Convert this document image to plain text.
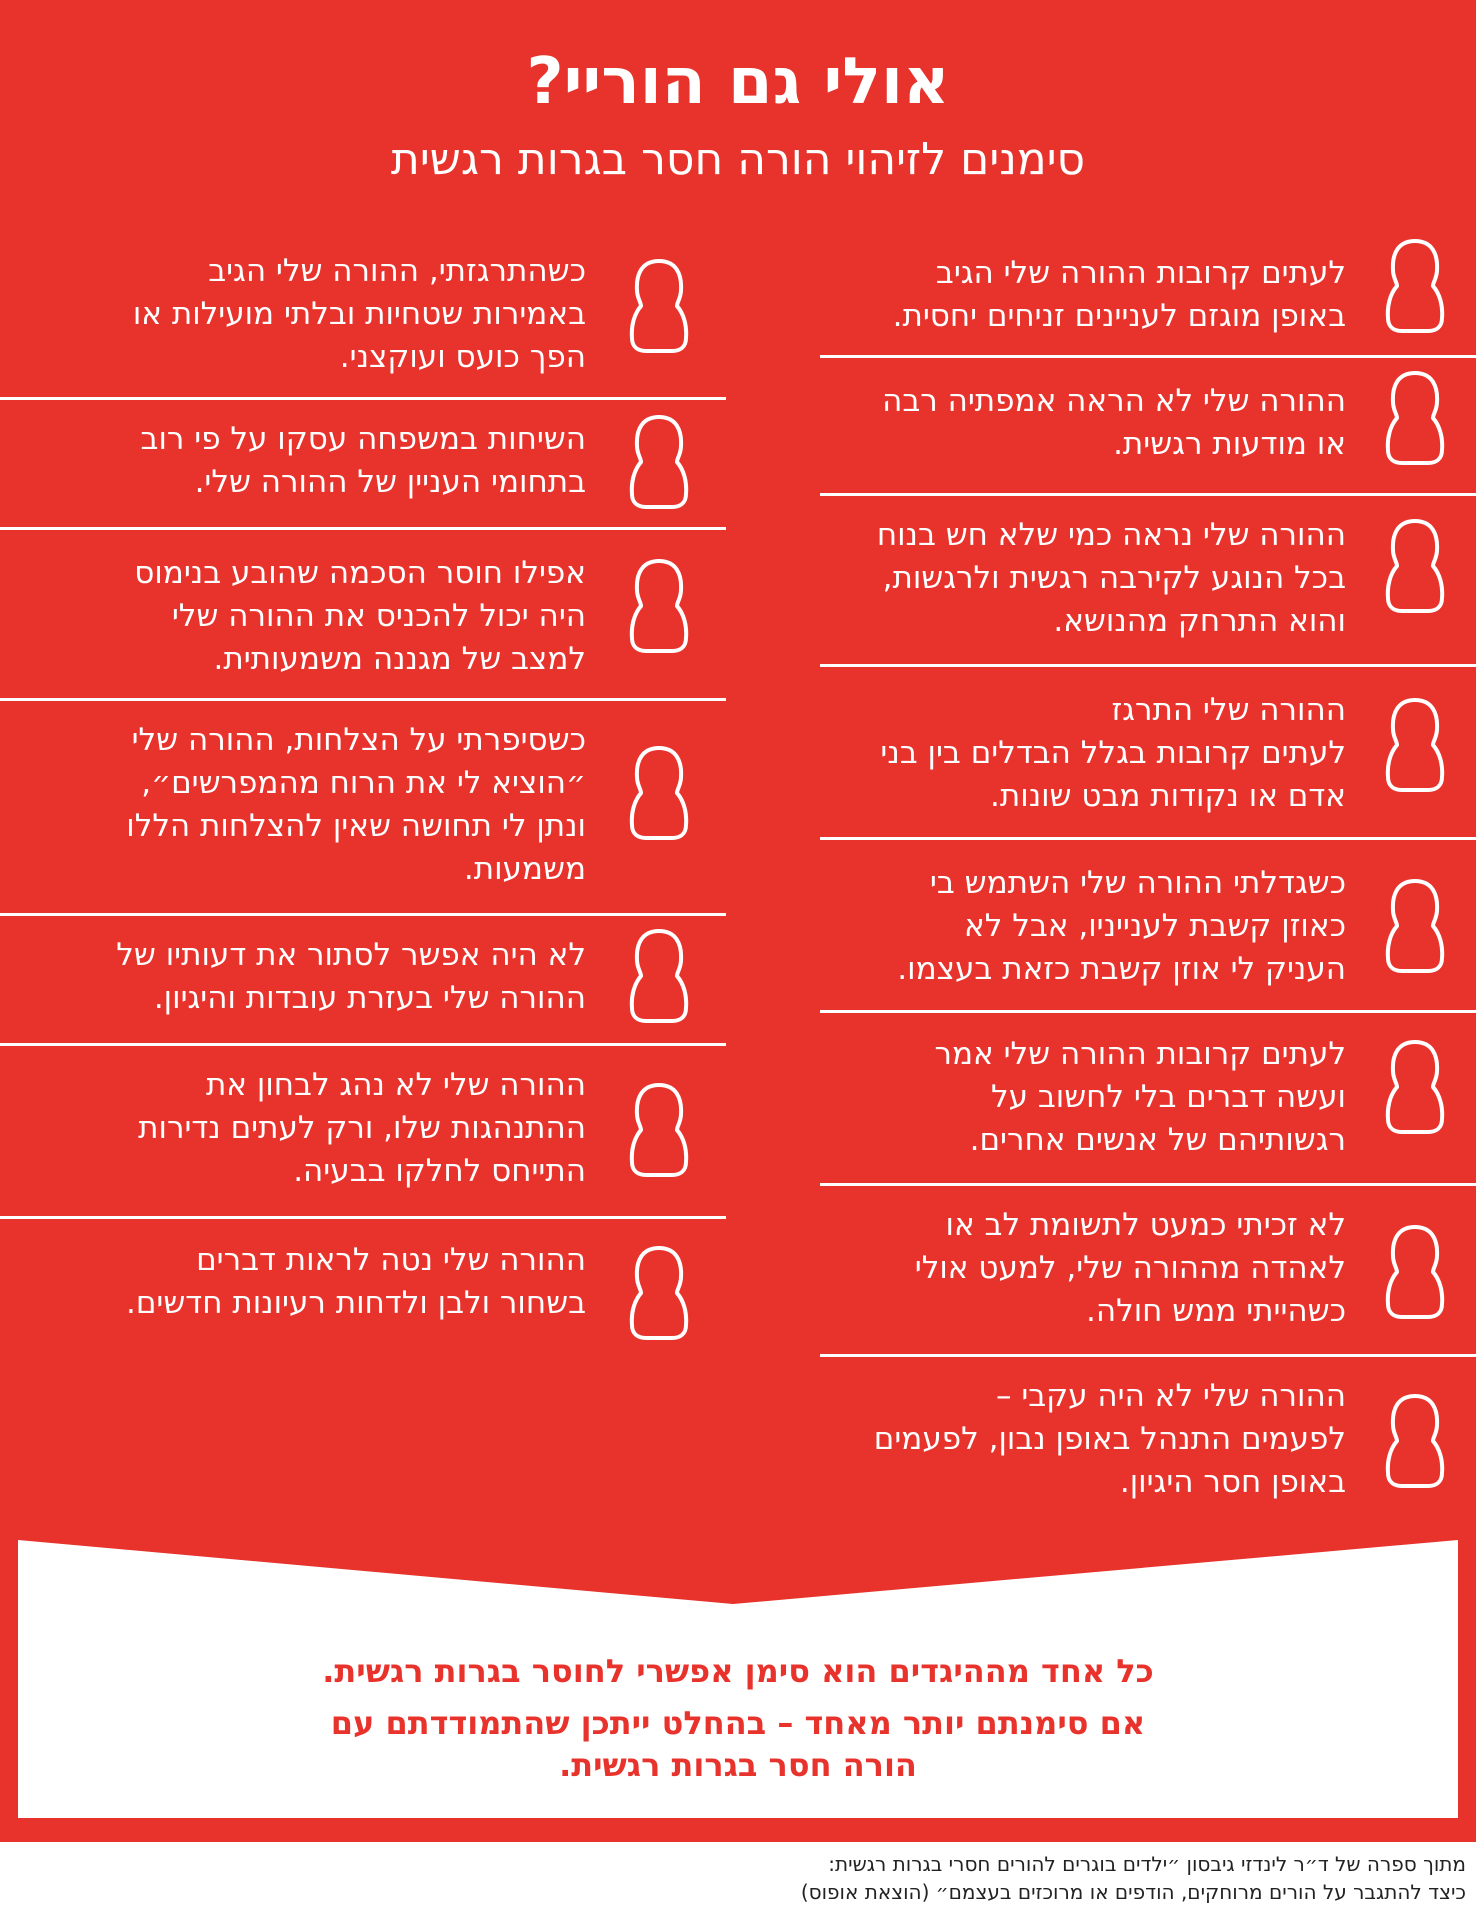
אולי גם הוריי?
סימנים לזיהוי הורה חסר בגרות רגשית
לעתים קרובות ההורה שלי הגיב
באופן מוגזם לעניינים זניחים יחסית.
ההורה שלי לא הראה אמפתיה רבה
או מודעות רגשית.
ההורה שלי נראה כמי שלא חש בנוח
בכל הנוגע לקירבה רגשית ולרגשות,
והוא התרחק מהנושא.
ההורה שלי התרגז
לעתים קרובות בגלל הבדלים בין בני
אדם או נקודות מבט שונות.
כשגדלתי ההורה שלי השתמש בי
כאוזן קשבת לענייניו, אבל לא
העניק לי אוזן קשבת כזאת בעצמו.
לעתים קרובות ההורה שלי אמר
ועשה דברים בלי לחשוב על
רגשותיהם של אנשים אחרים.
לא זכיתי כמעט לתשומת לב או
לאהדה מההורה שלי, למעט אולי
כשהייתי ממש חולה.
ההורה שלי לא היה עקבי –
לפעמים התנהל באופן נבון, לפעמים
באופן חסר היגיון.
כשהתרגזתי, ההורה שלי הגיב
באמירות שטחיות ובלתי מועילות או
הפך כועס ועוקצני.
השיחות במשפחה עסקו על פי רוב
בתחומי העניין של ההורה שלי.
אפילו חוסר הסכמה שהובע בנימוס
היה יכול להכניס את ההורה שלי
למצב של מגננה משמעותית.
כשסיפרתי על הצלחות, ההורה שלי
״הוציא לי את הרוח מהמפרשים״,
ונתן לי תחושה שאין להצלחות הללו
משמעות.
לא היה אפשר לסתור את דעותיו של
ההורה שלי בעזרת עובדות והיגיון.
ההורה שלי לא נהג לבחון את
ההתנהגות שלו, ורק לעתים נדירות
התייחס לחלקו בבעיה.
ההורה שלי נטה לראות דברים
בשחור ולבן ולדחות רעיונות חדשים.
כל אחד מההיגדים הוא סימן אפשרי לחוסר בגרות רגשית.
אם סימנתם יותר מאחד – בהחלט ייתכן שהתמודדתם עם
הורה חסר בגרות רגשית.
מתוך ספרה של ד״ר לינדזי גיבסון ״ילדים בוגרים להורים חסרי בגרות רגשית:
כיצד להתגבר על הורים מרוחקים, הודפים או מרוכזים בעצמם״ (הוצאת אופוס)
